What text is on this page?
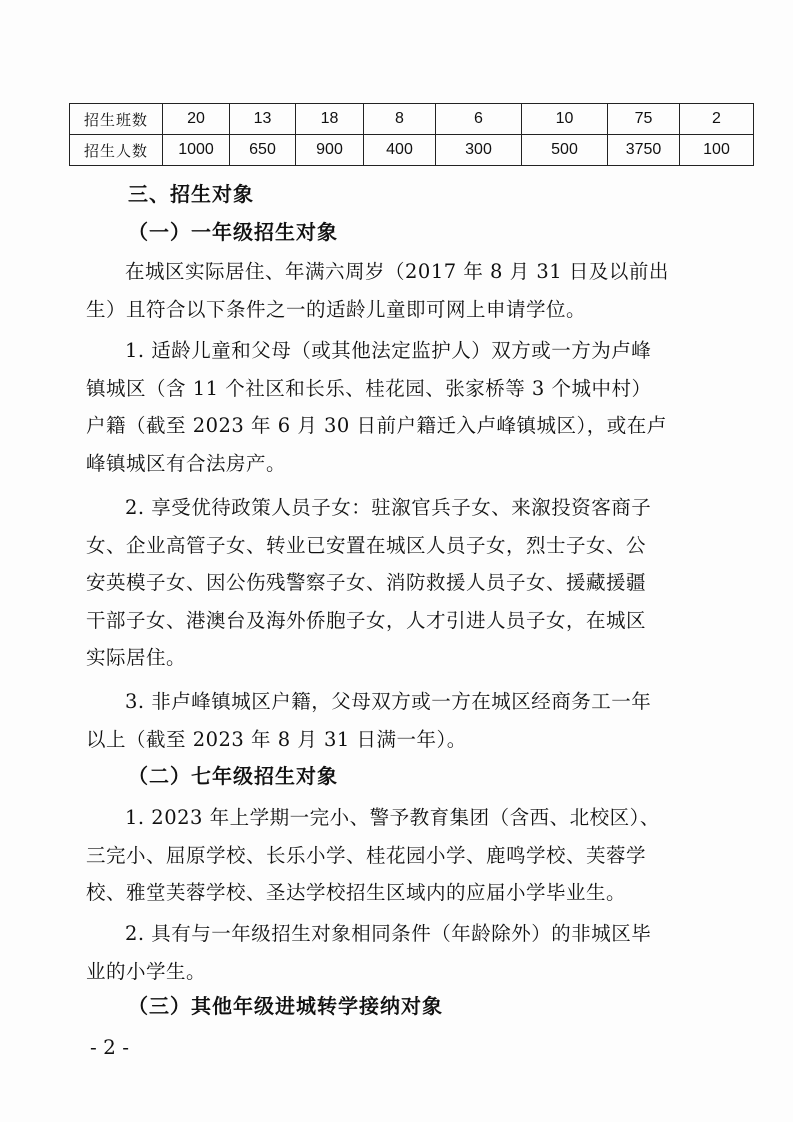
招生班数	20	13	18	8	6	10	75	2
招生人数	1000	650	900	400	300	500	3750	100
三、招生对象
（一）一年级招生对象
在城区实际居住、年满六周岁（2017 年 8 月 31 日及以前出
生）且符合以下条件之一的适龄儿童即可网上申请学位。
1. 适龄儿童和父母（或其他法定监护人）双方或一方为卢峰
镇城区（含 11 个社区和长乐、桂花园、张家桥等 3 个城中村）
户籍（截至 2023 年 6 月 30 日前户籍迁入卢峰镇城区），或在卢
峰镇城区有合法房产。
2. 享受优待政策人员子女：驻溆官兵子女、来溆投资客商子
女、企业高管子女、转业已安置在城区人员子女，烈士子女、公
安英模子女、因公伤残警察子女、消防救援人员子女、援藏援疆
干部子女、港澳台及海外侨胞子女，人才引进人员子女，在城区
实际居住。
3. 非卢峰镇城区户籍，父母双方或一方在城区经商务工一年
以上（截至 2023 年 8 月 31 日满一年）。
（二）七年级招生对象
1. 2023 年上学期一完小、警予教育集团（含西、北校区）、
三完小、屈原学校、长乐小学、桂花园小学、鹿鸣学校、芙蓉学
校、雅堂芙蓉学校、圣达学校招生区域内的应届小学毕业生。
2. 具有与一年级招生对象相同条件（年龄除外）的非城区毕
业的小学生。
（三）其他年级进城转学接纳对象
- 2 -
